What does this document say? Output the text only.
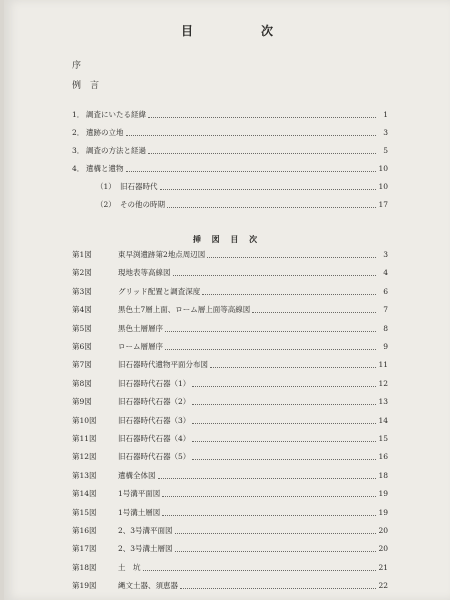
目　次
序
例　言
1． 調査にいたる経緯	1
2． 遺跡の立地	3
3． 調査の方法と経過	5
4． 遺構と遺物	10
（1） 旧石器時代	10
（2） その他の時期	17
挿 図 目 次
第1図	東早渕遺跡第2地点周辺図	3
第2図	現地表等高線図	4
第3図	グリッド配置と調査深度	6
第4図	黒色土7層上面、ローム層上面等高線図	7
第5図	黒色土層層序	8
第6図	ローム層層序	9
第7図	旧石器時代遺物平面分布図	11
第8図	旧石器時代石器（1）	12
第9図	旧石器時代石器（2）	13
第10図	旧石器時代石器（3）	14
第11図	旧石器時代石器（4）	15
第12図	旧石器時代石器（5）	16
第13図	遺構全体図	18
第14図	1号溝平面図	19
第15図	1号溝土層図	19
第16図	2、3号溝平面図	20
第17図	2、3号溝土層図	20
第18図	土　坑	21
第19図	縄文土器、須恵器	22
